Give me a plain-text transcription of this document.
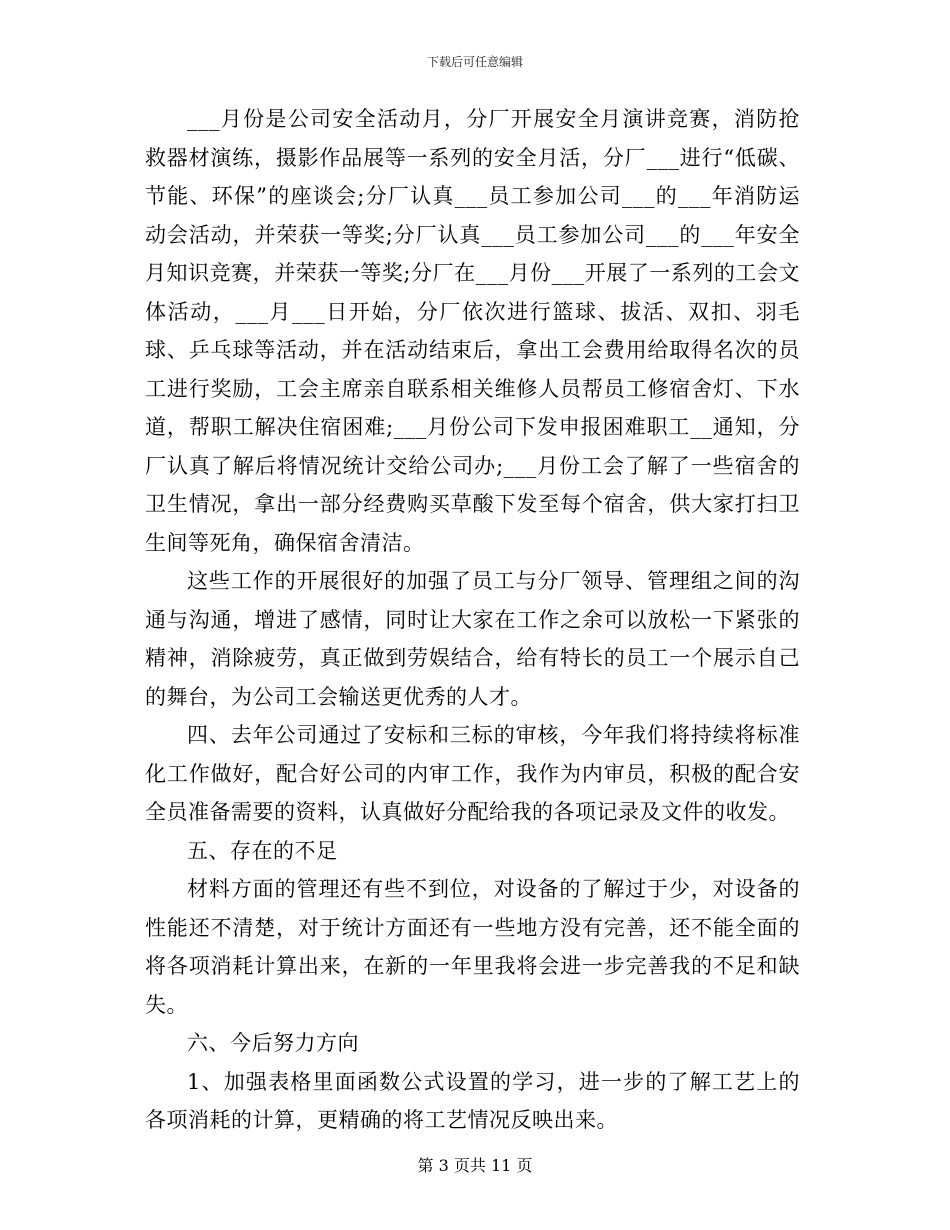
下载后可任意编辑

___月份是公司安全活动月，分厂开展安全月演讲竞赛，消防抢救器材演练，摄影作品展等一系列的安全月活，分厂___进行“低碳、节能、环保”的座谈会;分厂认真___员工参加公司___的___年消防运动会活动，并荣获一等奖;分厂认真___员工参加公司___的___年安全月知识竞赛，并荣获一等奖;分厂在___月份___开展了一系列的工会文体活动，___月___日开始，分厂依次进行篮球、拔活、双扣、羽毛球、乒乓球等活动，并在活动结束后，拿出工会费用给取得名次的员工进行奖励，工会主席亲自联系相关维修人员帮员工修宿舍灯、下水道，帮职工解决住宿困难;___月份公司下发申报困难职工__通知，分厂认真了解后将情况统计交给公司办;___月份工会了解了一些宿舍的卫生情况，拿出一部分经费购买草酸下发至每个宿舍，供大家打扫卫生间等死角，确保宿舍清洁。

这些工作的开展很好的加强了员工与分厂领导、管理组之间的沟通与沟通，增进了感情，同时让大家在工作之余可以放松一下紧张的精神，消除疲劳，真正做到劳娱结合，给有特长的员工一个展示自己的舞台，为公司工会输送更优秀的人才。

四、去年公司通过了安标和三标的审核，今年我们将持续将标准化工作做好，配合好公司的内审工作，我作为内审员，积极的配合安全员准备需要的资料，认真做好分配给我的各项记录及文件的收发。

五、存在的不足

材料方面的管理还有些不到位，对设备的了解过于少，对设备的性能还不清楚，对于统计方面还有一些地方没有完善，还不能全面的将各项消耗计算出来，在新的一年里我将会进一步完善我的不足和缺失。

六、今后努力方向

1、加强表格里面函数公式设置的学习，进一步的了解工艺上的各项消耗的计算，更精确的将工艺情况反映出来。

第 3 页共 11 页
